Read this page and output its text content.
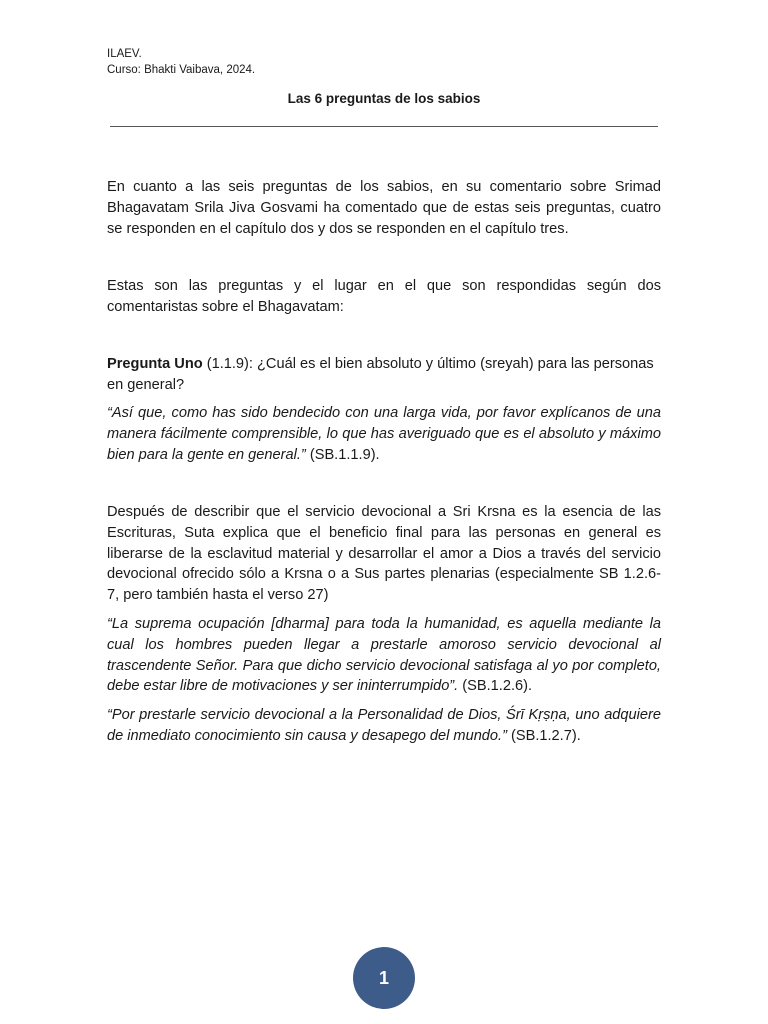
ILAEV.
Curso: Bhakti Vaibava, 2024.
Las 6 preguntas de los sabios

En cuanto a las seis preguntas de los sabios, en su comentario sobre Srimad Bhagavatam Srila Jiva Gosvami ha comentado que de estas seis preguntas, cuatro se responden en el capítulo dos y dos se responden en el capítulo tres.

Estas son las preguntas y el lugar en el que son respondidas según dos comentaristas sobre el Bhagavatam:

Pregunta Uno (1.1.9): ¿Cuál es el bien absoluto y último (sreyah) para las personas en general?

“Así que, como has sido bendecido con una larga vida, por favor explícanos de una manera fácilmente comprensible, lo que has averiguado que es el absoluto y máximo bien para la gente en general.” (SB.1.1.9).

Después de describir que el servicio devocional a Sri Krsna es la esencia de las Escrituras, Suta explica que el beneficio final para las personas en general es liberarse de la esclavitud material y desarrollar el amor a Dios a través del servicio devocional ofrecido sólo a Krsna o a Sus partes plenarias (especialmente SB 1.2.6- 7, pero también hasta el verso 27)

“La suprema ocupación [dharma] para toda la humanidad, es aquella mediante la cual los hombres pueden llegar a prestarle amoroso servicio devocional al trascendente Señor. Para que dicho servicio devocional satisfaga al yo por completo, debe estar libre de motivaciones y ser ininterrumpido”. (SB.1.2.6).

“Por prestarle servicio devocional a la Personalidad de Dios, Śrī Kṛṣṇa, uno adquiere de inmediato conocimiento sin causa y desapego del mundo.” (SB.1.2.7).

1
